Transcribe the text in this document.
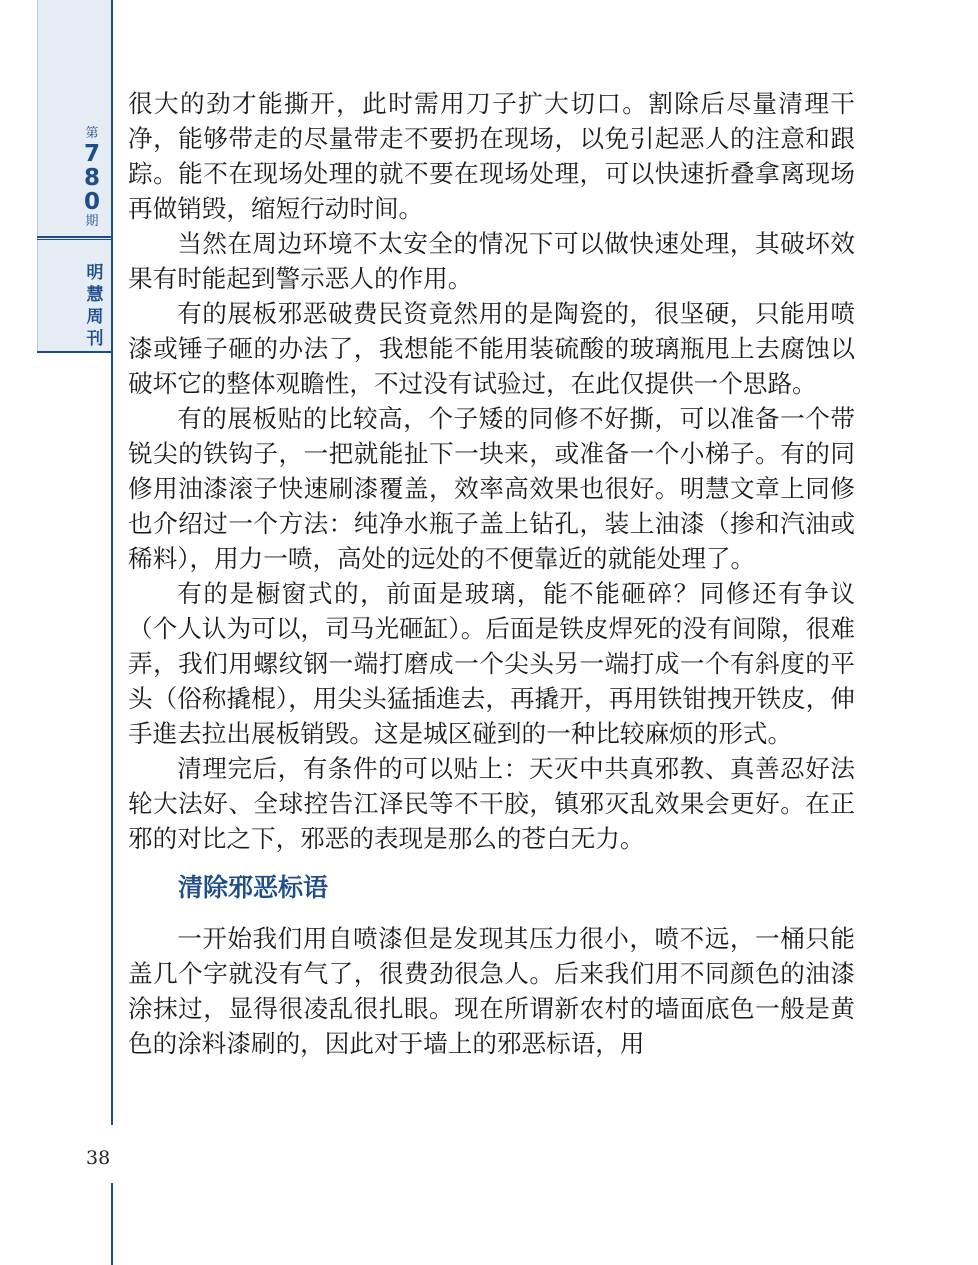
第
7
8
0
期
明
慧
周
刊
38

很大的劲才能撕开，此时需用刀子扩大切口。割除后尽量清理干净，能够带走的尽量带走不要扔在现场，以免引起恶人的注意和跟踪。能不在现场处理的就不要在现场处理，可以快速折叠拿离现场再做销毁，缩短行动时间。

当然在周边环境不太安全的情况下可以做快速处理，其破坏效果有时能起到警示恶人的作用。

有的展板邪恶破费民资竟然用的是陶瓷的，很坚硬，只能用喷漆或锤子砸的办法了，我想能不能用装硫酸的玻璃瓶甩上去腐蚀以破坏它的整体观瞻性，不过没有试验过，在此仅提供一个思路。

有的展板贴的比较高，个子矮的同修不好撕，可以准备一个带锐尖的铁钩子，一把就能扯下一块来，或准备一个小梯子。有的同修用油漆滚子快速刷漆覆盖，效率高效果也很好。明慧文章上同修也介绍过一个方法：纯净水瓶子盖上钻孔，装上油漆（掺和汽油或稀料），用力一喷，高处的远处的不便靠近的就能处理了。

有的是橱窗式的，前面是玻璃，能不能砸碎？同修还有争议（个人认为可以，司马光砸缸）。后面是铁皮焊死的没有间隙，很难弄，我们用螺纹钢一端打磨成一个尖头另一端打成一个有斜度的平头（俗称撬棍），用尖头猛插進去，再撬开，再用铁钳拽开铁皮，伸手進去拉出展板销毁。这是城区碰到的一种比较麻烦的形式。

清理完后，有条件的可以贴上：天灭中共真邪教、真善忍好法轮大法好、全球控告江泽民等不干胶，镇邪灭乱效果会更好。在正邪的对比之下，邪恶的表现是那么的苍白无力。

清除邪恶标语

一开始我们用自喷漆但是发现其压力很小，喷不远，一桶只能盖几个字就没有气了，很费劲很急人。后来我们用不同颜色的油漆涂抹过，显得很凌乱很扎眼。现在所谓新农村的墙面底色一般是黄色的涂料漆刷的，因此对于墙上的邪恶标语，用
